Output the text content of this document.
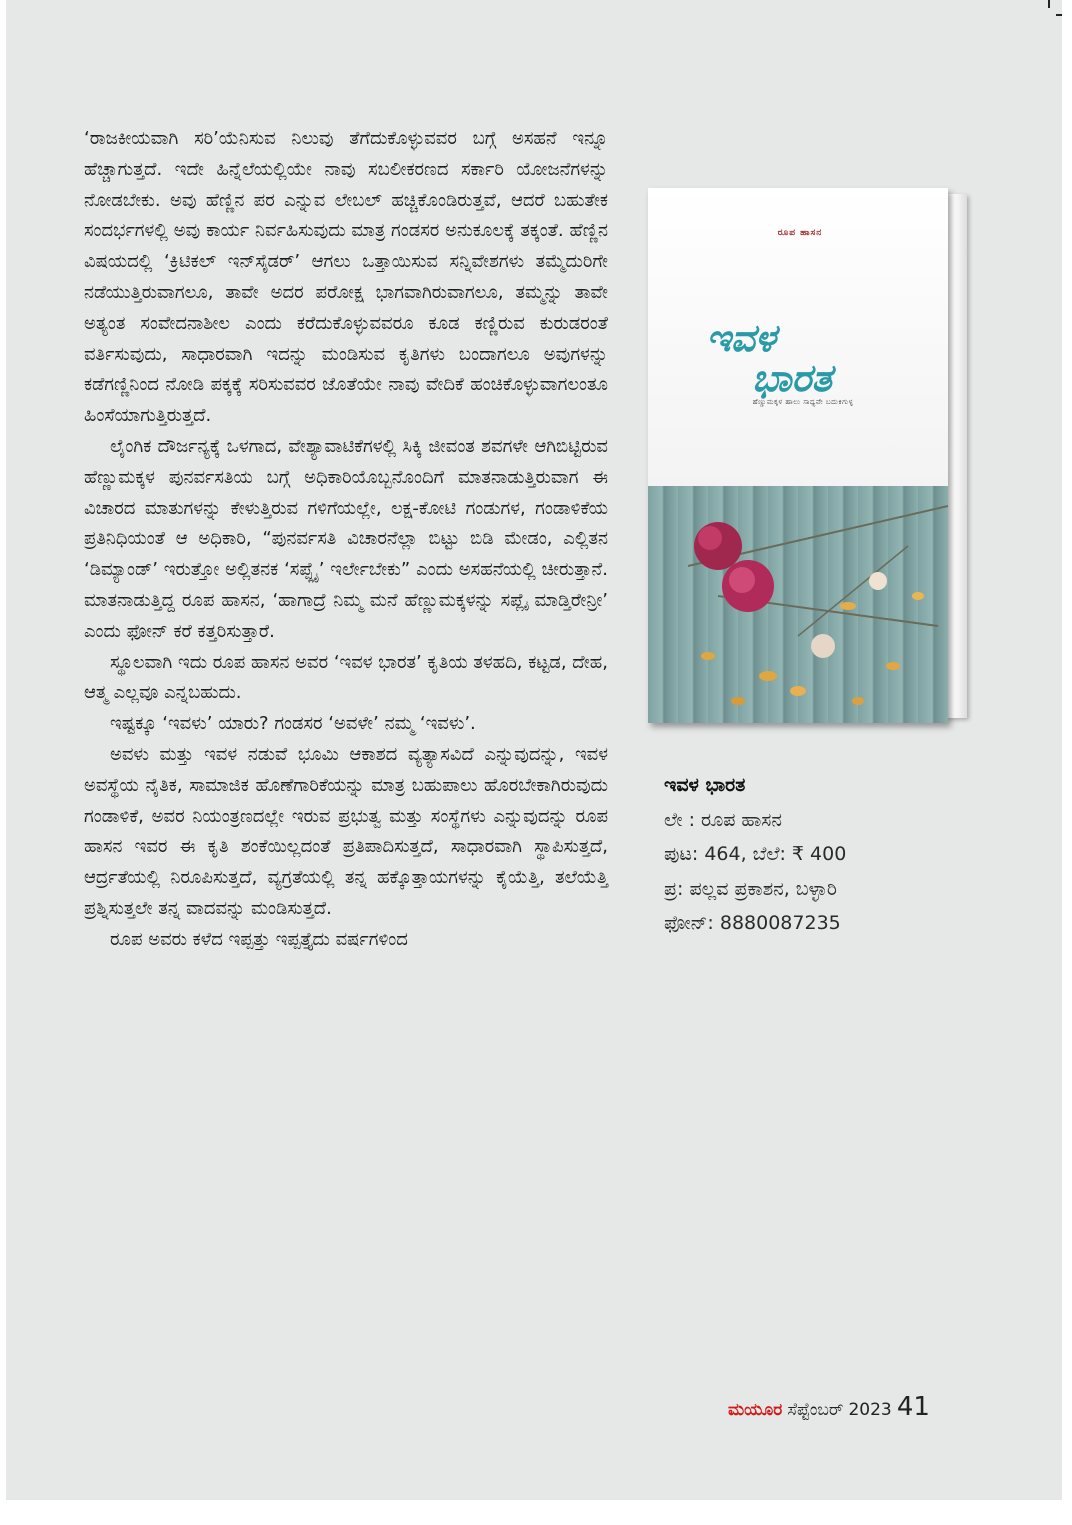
‘ರಾಜಕೀಯವಾಗಿ ಸರಿ’ಯೆನಿಸುವ ನಿಲುವು ತೆಗೆದುಕೊಳ್ಳುವವರ ಬಗ್ಗೆ ಅಸಹನೆ ಇನ್ನೂ ಹೆಚ್ಚಾಗುತ್ತದೆ. ಇದೇ ಹಿನ್ನೆಲೆಯಲ್ಲಿಯೇ ನಾವು ಸಬಲೀಕರಣದ ಸರ್ಕಾರಿ ಯೋಜನೆಗಳನ್ನು ನೋಡಬೇಕು. ಅವು ಹೆಣ್ಣಿನ ಪರ ಎನ್ನುವ ಲೇಬಲ್ ಹಚ್ಚಿಕೊಂಡಿರುತ್ತವೆ, ಆದರೆ ಬಹುತೇಕ ಸಂದರ್ಭಗಳಲ್ಲಿ ಅವು ಕಾರ್ಯ ನಿರ್ವಹಿಸುವುದು ಮಾತ್ರ ಗಂಡಸರ ಅನುಕೂಲಕ್ಕೆ ತಕ್ಕಂತೆ. ಹೆಣ್ಣಿನ ವಿಷಯದಲ್ಲಿ ‘ಕ್ರಿಟಿಕಲ್ ಇನ್‌ಸೈಡರ್’ ಆಗಲು ಒತ್ತಾಯಿಸುವ ಸನ್ನಿವೇಶಗಳು ತಮ್ಮೆದುರಿಗೇ ನಡೆಯುತ್ತಿರುವಾಗಲೂ, ತಾವೇ ಅದರ ಪರೋಕ್ಷ ಭಾಗವಾಗಿರುವಾಗಲೂ, ತಮ್ಮನ್ನು ತಾವೇ ಅತ್ಯಂತ ಸಂವೇದನಾಶೀಲ ಎಂದು ಕರೆದುಕೊಳ್ಳುವವರೂ ಕೂಡ ಕಣ್ಣಿರುವ ಕುರುಡರಂತೆ ವರ್ತಿಸುವುದು, ಸಾಧಾರವಾಗಿ ಇದನ್ನು ಮಂಡಿಸುವ ಕೃತಿಗಳು ಬಂದಾಗಲೂ ಅವುಗಳನ್ನು ಕಡೆಗಣ್ಣಿನಿಂದ ನೋಡಿ ಪಕ್ಕಕ್ಕೆ ಸರಿಸುವವರ ಜೊತೆಯೇ ನಾವು ವೇದಿಕೆ ಹಂಚಿಕೊಳ್ಳುವಾಗಲಂತೂ ಹಿಂಸೆಯಾಗುತ್ತಿರುತ್ತದೆ.

ಲೈಂಗಿಕ ದೌರ್ಜನ್ಯಕ್ಕೆ ಒಳಗಾದ, ವೇಶ್ಯಾವಾಟಿಕೆಗಳಲ್ಲಿ ಸಿಕ್ಕಿ ಜೀವಂತ ಶವಗಳೇ ಆಗಿಬಿಟ್ಟಿರುವ ಹೆಣ್ಣುಮಕ್ಕಳ ಪುನರ್ವಸತಿಯ ಬಗ್ಗೆ ಅಧಿಕಾರಿಯೊಬ್ಬನೊಂದಿಗೆ ಮಾತನಾಡುತ್ತಿರುವಾಗ ಈ ವಿಚಾರದ ಮಾತುಗಳನ್ನು ಕೇಳುತ್ತಿರುವ ಗಳಿಗೆಯಲ್ಲೇ, ಲಕ್ಷ-ಕೋಟಿ ಗಂಡುಗಳ, ಗಂಡಾಳಿಕೆಯ ಪ್ರತಿನಿಧಿಯಂತೆ ಆ ಅಧಿಕಾರಿ, “ಪುನರ್ವಸತಿ ವಿಚಾರನೆಲ್ಲಾ ಬಿಟ್ಟು ಬಿಡಿ ಮೇಡಂ, ಎಲ್ಲಿತನ ‘ಡಿಮ್ಯಾಂಡ್’ ಇರುತ್ತೋ ಅಲ್ಲಿತನಕ ‘ಸಪ್ಪ್ಲೈ’ ಇರ್ಲೇಬೇಕು” ಎಂದು ಅಸಹನೆಯಲ್ಲಿ ಚೀರುತ್ತಾನೆ. ಮಾತನಾಡುತ್ತಿದ್ದ ರೂಪ ಹಾಸನ, ‘ಹಾಗಾದ್ರೆ ನಿಮ್ಮ ಮನೆ ಹೆಣ್ಣುಮಕ್ಕಳನ್ನು ಸಪ್ಲೈ ಮಾಡ್ತಿರೇನ್ರೀ’ ಎಂದು ಫೋನ್ ಕರೆ ಕತ್ತರಿಸುತ್ತಾರೆ.

ಸ್ಥೂಲವಾಗಿ ಇದು ರೂಪ ಹಾಸನ ಅವರ ‘ಇವಳ ಭಾರತ’ ಕೃತಿಯ ತಳಹದಿ, ಕಟ್ಟಡ, ದೇಹ, ಆತ್ಮ ಎಲ್ಲವೂ ಎನ್ನಬಹುದು.

ಇಷ್ಟಕ್ಕೂ ‘ಇವಳು’ ಯಾರು? ಗಂಡಸರ ‘ಅವಳೇ’ ನಮ್ಮ ‘ಇವಳು’.

ಅವಳು ಮತ್ತು ಇವಳ ನಡುವೆ ಭೂಮಿ ಆಕಾಶದ ವ್ಯತ್ಯಾಸವಿದೆ ಎನ್ನುವುದನ್ನು, ಇವಳ ಅವಸ್ಥೆಯ ನೈತಿಕ, ಸಾಮಾಜಿಕ ಹೊಣೆಗಾರಿಕೆಯನ್ನು ಮಾತ್ರ ಬಹುಪಾಲು ಹೊರಬೇಕಾಗಿರುವುದು ಗಂಡಾಳಿಕೆ, ಅವರ ನಿಯಂತ್ರಣದಲ್ಲೇ ಇರುವ ಪ್ರಭುತ್ವ ಮತ್ತು ಸಂಸ್ಥೆಗಳು ಎನ್ನುವುದನ್ನು ರೂಪ ಹಾಸನ ಇವರ ಈ ಕೃತಿ ಶಂಕೆಯಿಲ್ಲದಂತೆ ಪ್ರತಿಪಾದಿಸುತ್ತದೆ, ಸಾಧಾರವಾಗಿ ಸ್ಥಾಪಿಸುತ್ತದೆ, ಆರ್ದ್ರತೆಯಲ್ಲಿ ನಿರೂಪಿಸುತ್ತದೆ, ವ್ಯಗ್ರತೆಯಲ್ಲಿ ತನ್ನ ಹಕ್ಕೊತ್ತಾಯಗಳನ್ನು ಕೈಯೆತ್ತಿ, ತಲೆಯೆತ್ತಿ ಪ್ರಶ್ನಿಸುತ್ತಲೇ ತನ್ನ ವಾದವನ್ನು ಮಂಡಿಸುತ್ತದೆ.

ರೂಪ ಅವರು ಕಳೆದ ಇಪ್ಪತ್ತು ಇಪ್ಪತ್ತೈದು ವರ್ಷಗಳಿಂದ

ರೂಪ ಹಾಸನ
ಇವಳ
ಭಾರತ
ಹೆಣ್ಣುಮಕ್ಕಳ ಹಾಲು ಸಾಧ್ಯವೇ ಬದುಕಿಗುಳ್ಳ
ಇವಳ ಭಾರತ
ಲೇ : ರೂಪ ಹಾಸನ
ಪುಟ: 464, ಬೆಲೆ: ₹ 400
ಪ್ರ: ಪಲ್ಲವ ಪ್ರಕಾಶನ, ಬಳ್ಳಾರಿ
ಫೋನ್: 8880087235
ಮಯೂರ ಸೆಪ್ಟೆಂಬರ್ 2023 41
